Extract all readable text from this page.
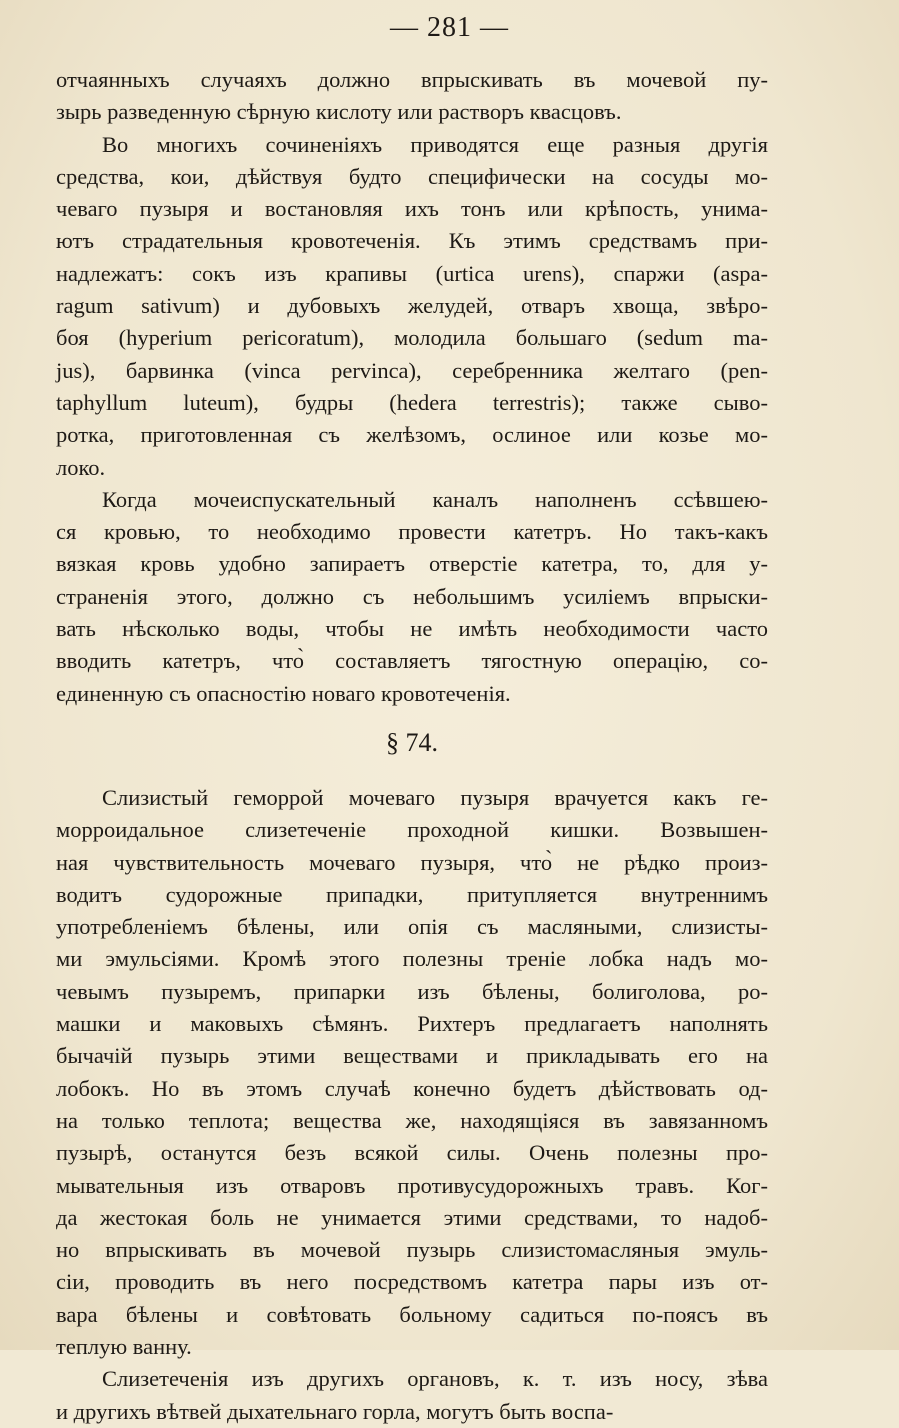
— 281 —
отчаянныхъ случаяхъ должно впрыскивать въ мочевой пу-
зырь разведенную сѣрную кислоту или растворъ квасцовъ.
Во многихъ сочиненіяхъ приводятся еще разныя другія
средства, кои, дѣйствуя будто специфически на сосуды мо-
чеваго пузыря и востановляя ихъ тонъ или крѣпость, унима-
ютъ страдательныя кровотеченія. Къ этимъ средствамъ при-
надлежатъ: сокъ изъ крапивы (urtica urens), спаржи (aspa-
ragum sativum) и дубовыхъ желудей, отваръ хвоща, звѣро-
боя (hyperium pericoratum), молодила большаго (sedum ma-
jus), барвинка (vinca pervinca), серебренника желтаго (pen-
taphyllum luteum), будры (hedera terrestris); также сыво-
ротка, приготовленная съ желѣзомъ, ослиное или козье мо-
локо.
Когда мочеиспускательный каналъ наполненъ ссѣвшею-
ся кровью, то необходимо провести катетръ. Но такъ-какъ
вязкая кровь удобно запираетъ отверстіе катетра, то, для у-
страненія этого, должно съ небольшимъ усиліемъ впрыски-
вать нѣсколько воды, чтобы не имѣть необходимости часто
вводить катетръ, что̀ составляетъ тягостную операцію, со-
единенную съ опасностію новаго кровотеченія.
§ 74.
Слизистый геморрой мочеваго пузыря врачуется какъ ге-
морроидальное слизетеченіе проходной кишки. Возвышен-
ная чувствительность мочеваго пузыря, что̀ не рѣдко произ-
водитъ судорожные припадки, притупляется внутреннимъ
употребленіемъ бѣлены, или опія съ масляными, слизисты-
ми эмульсіями. Кромѣ этого полезны треніе лобка надъ мо-
чевымъ пузыремъ, припарки изъ бѣлены, болиголова, ро-
машки и маковыхъ сѣмянъ. Рихтеръ предлагаетъ наполнять
бычачій пузырь этими веществами и прикладывать его на
лобокъ. Но въ этомъ случаѣ конечно будетъ дѣйствовать од-
на только теплота; вещества же, находящіяся въ завязанномъ
пузырѣ, останутся безъ всякой силы. Очень полезны про-
мывательныя изъ отваровъ противусудорожныхъ травъ. Ког-
да жестокая боль не унимается этими средствами, то надоб-
но впрыскивать въ мочевой пузырь слизистомасляныя эмуль-
сіи, проводить въ него посредствомъ катетра пары изъ от-
вара бѣлены и совѣтовать больному садиться по-поясъ въ
теплую ванну.
Слизетеченія изъ другихъ органовъ, к. т. изъ носу, зѣва
и другихъ вѣтвей дыхательнаго горла, могутъ быть воспа-
